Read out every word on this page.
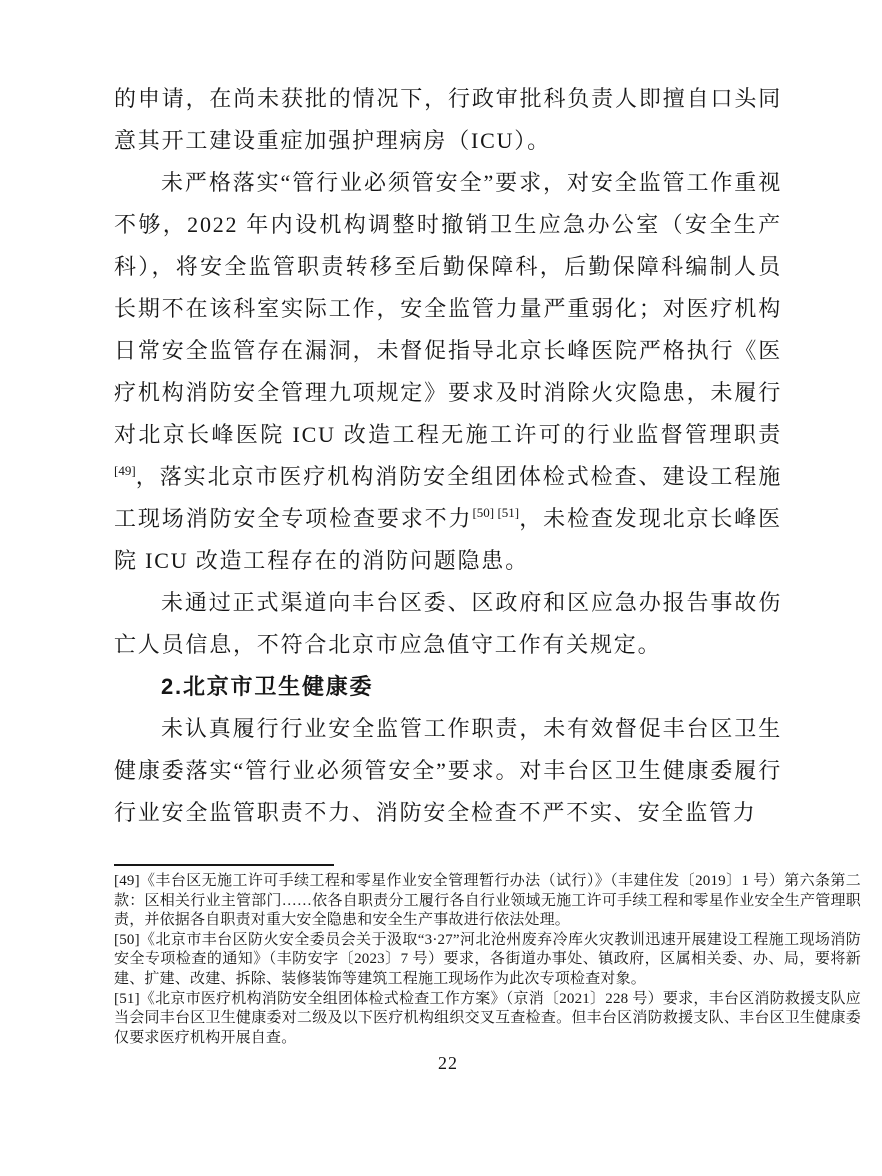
的申请，在尚未获批的情况下，行政审批科负责人即擅自口头同意其开工建设重症加强护理病房（ICU）。

未严格落实“管行业必须管安全”要求，对安全监管工作重视不够，2022 年内设机构调整时撤销卫生应急办公室（安全生产科），将安全监管职责转移至后勤保障科，后勤保障科编制人员长期不在该科室实际工作，安全监管力量严重弱化；对医疗机构日常安全监管存在漏洞，未督促指导北京长峰医院严格执行《医疗机构消防安全管理九项规定》要求及时消除火灾隐患，未履行对北京长峰医院 ICU 改造工程无施工许可的行业监督管理职责[49]，落实北京市医疗机构消防安全组团体检式检查、建设工程施工现场消防安全专项检查要求不力[50] [51]，未检查发现北京长峰医院 ICU 改造工程存在的消防问题隐患。

未通过正式渠道向丰台区委、区政府和区应急办报告事故伤亡人员信息，不符合北京市应急值守工作有关规定。

2.北京市卫生健康委

未认真履行行业安全监管工作职责，未有效督促丰台区卫生健康委落实“管行业必须管安全”要求。对丰台区卫生健康委履行行业安全监管职责不力、消防安全检查不严不实、安全监管力

[49]《丰台区无施工许可手续工程和零星作业安全管理暂行办法（试行）》（丰建住发〔2019〕1 号）第六条第二款：区相关行业主管部门……依各自职责分工履行各自行业领域无施工许可手续工程和零星作业安全生产管理职责，并依据各自职责对重大安全隐患和安全生产事故进行依法处理。

[50]《北京市丰台区防火安全委员会关于汲取“3·27”河北沧州废弃冷库火灾教训迅速开展建设工程施工现场消防安全专项检查的通知》（丰防安字〔2023〕7 号）要求，各街道办事处、镇政府，区属相关委、办、局，要将新建、扩建、改建、拆除、装修装饰等建筑工程施工现场作为此次专项检查对象。

[51]《北京市医疗机构消防安全组团体检式检查工作方案》（京消〔2021〕228 号）要求，丰台区消防救援支队应当会同丰台区卫生健康委对二级及以下医疗机构组织交叉互查检查。但丰台区消防救援支队、丰台区卫生健康委仅要求医疗机构开展自查。

22
